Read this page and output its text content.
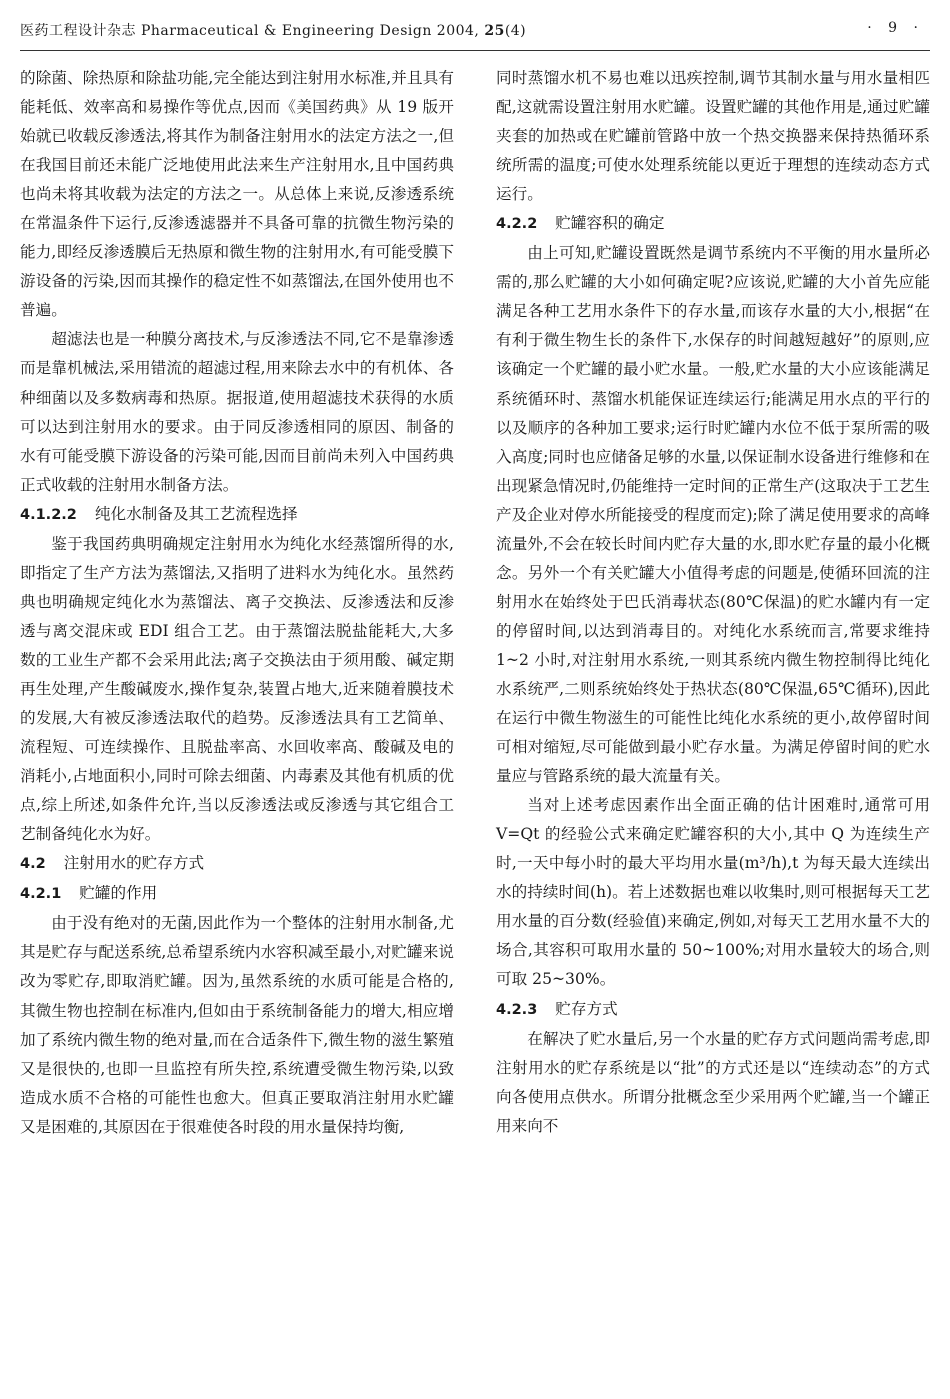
医药工程设计杂志 Pharmaceutical & Engineering Design 2004, 25(4)	· 9 ·

的除菌、除热原和除盐功能,完全能达到注射用水标准,并且具有能耗低、效率高和易操作等优点,因而《美国药典》从 19 版开始就已收载反渗透法,将其作为制备注射用水的法定方法之一,但在我国目前还未能广泛地使用此法来生产注射用水,且中国药典也尚未将其收载为法定的方法之一。从总体上来说,反渗透系统在常温条件下运行,反渗透滤器并不具备可靠的抗微生物污染的能力,即经反渗透膜后无热原和微生物的注射用水,有可能受膜下游设备的污染,因而其操作的稳定性不如蒸馏法,在国外使用也不普遍。

超滤法也是一种膜分离技术,与反渗透法不同,它不是靠渗透而是靠机械法,采用错流的超滤过程,用来除去水中的有机体、各种细菌以及多数病毒和热原。据报道,使用超滤技术获得的水质可以达到注射用水的要求。由于同反渗透相同的原因、制备的水有可能受膜下游设备的污染可能,因而目前尚未列入中国药典正式收载的注射用水制备方法。

4.1.2.2 纯化水制备及其工艺流程选择

鉴于我国药典明确规定注射用水为纯化水经蒸馏所得的水,即指定了生产方法为蒸馏法,又指明了进料水为纯化水。虽然药典也明确规定纯化水为蒸馏法、离子交换法、反渗透法和反渗透与离交混床或 EDI 组合工艺。由于蒸馏法脱盐能耗大,大多数的工业生产都不会采用此法;离子交换法由于须用酸、碱定期再生处理,产生酸碱废水,操作复杂,装置占地大,近来随着膜技术的发展,大有被反渗透法取代的趋势。反渗透法具有工艺简单、流程短、可连续操作、且脱盐率高、水回收率高、酸碱及电的消耗小,占地面积小,同时可除去细菌、内毒素及其他有机质的优点,综上所述,如条件允许,当以反渗透法或反渗透与其它组合工艺制备纯化水为好。

4.2 注射用水的贮存方式
4.2.1 贮罐的作用

由于没有绝对的无菌,因此作为一个整体的注射用水制备,尤其是贮存与配送系统,总希望系统内水容积减至最小,对贮罐来说改为零贮存,即取消贮罐。因为,虽然系统的水质可能是合格的,其微生物也控制在标准内,但如由于系统制备能力的增大,相应增加了系统内微生物的绝对量,而在合适条件下,微生物的滋生繁殖又是很快的,也即一旦监控有所失控,系统遭受微生物污染,以致造成水质不合格的可能性也愈大。但真正要取消注射用水贮罐又是困难的,其原因在于很难使各时段的用水量保持均衡,

同时蒸馏水机不易也难以迅疾控制,调节其制水量与用水量相匹配,这就需设置注射用水贮罐。设置贮罐的其他作用是,通过贮罐夹套的加热或在贮罐前管路中放一个热交换器来保持热循环系统所需的温度;可使水处理系统能以更近于理想的连续动态方式运行。

4.2.2 贮罐容积的确定

由上可知,贮罐设置既然是调节系统内不平衡的用水量所必需的,那么贮罐的大小如何确定呢?应该说,贮罐的大小首先应能满足各种工艺用水条件下的存水量,而该存水量的大小,根据“在有利于微生物生长的条件下,水保存的时间越短越好”的原则,应该确定一个贮罐的最小贮水量。一般,贮水量的大小应该能满足系统循环时、蒸馏水机能保证连续运行;能满足用水点的平行的以及顺序的各种加工要求;运行时贮罐内水位不低于泵所需的吸入高度;同时也应储备足够的水量,以保证制水设备进行维修和在出现紧急情况时,仍能维持一定时间的正常生产(这取决于工艺生产及企业对停水所能接受的程度而定);除了满足使用要求的高峰流量外,不会在较长时间内贮存大量的水,即水贮存量的最小化概念。另外一个有关贮罐大小值得考虑的问题是,使循环回流的注射用水在始终处于巴氏消毒状态(80℃保温)的贮水罐内有一定的停留时间,以达到消毒目的。对纯化水系统而言,常要求维持 1~2 小时,对注射用水系统,一则其系统内微生物控制得比纯化水系统严,二则系统始终处于热状态(80℃保温,65℃循环),因此在运行中微生物滋生的可能性比纯化水系统的更小,故停留时间可相对缩短,尽可能做到最小贮存水量。为满足停留时间的贮水量应与管路系统的最大流量有关。

当对上述考虑因素作出全面正确的估计困难时,通常可用 V=Qt 的经验公式来确定贮罐容积的大小,其中 Q 为连续生产时,一天中每小时的最大平均用水量(m³/h),t 为每天最大连续出水的持续时间(h)。若上述数据也难以收集时,则可根据每天工艺用水量的百分数(经验值)来确定,例如,对每天工艺用水量不大的场合,其容积可取用水量的 50~100%;对用水量较大的场合,则可取 25~30%。

4.2.3 贮存方式

在解决了贮水量后,另一个水量的贮存方式问题尚需考虑,即注射用水的贮存系统是以“批”的方式还是以“连续动态”的方式向各使用点供水。所谓分批概念至少采用两个贮罐,当一个罐正用来向不
